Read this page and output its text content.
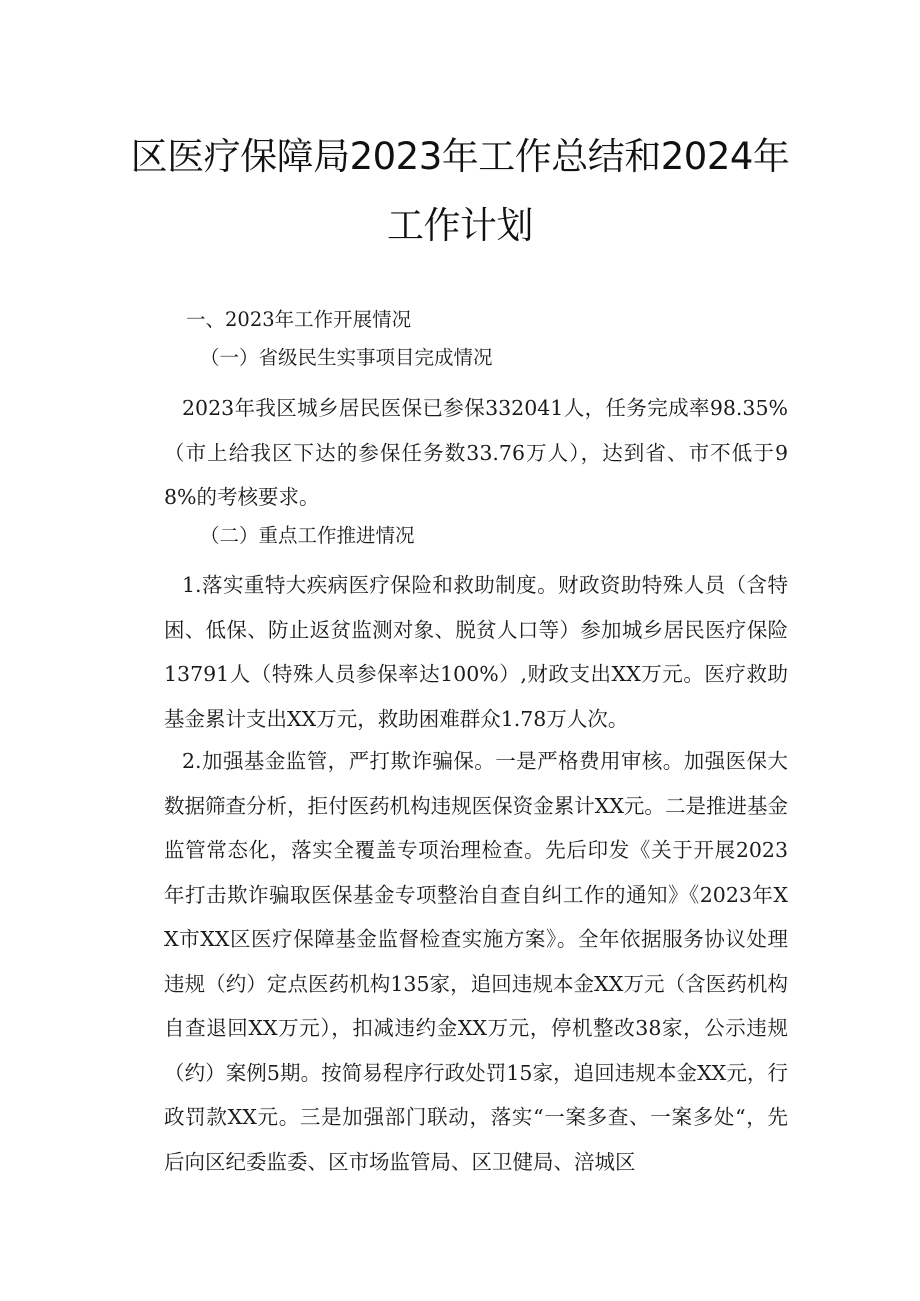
区医疗保障局2023年工作总结和2024年
工作计划
一、2023年工作开展情况
（一）省级民生实事项目完成情况
2023年我区城乡居民医保已参保332041人，任务完成率98.35%（市上给我区下达的参保任务数33.76万人），达到省、市不低于98%的考核要求。
（二）重点工作推进情况
1.落实重特大疾病医疗保险和救助制度。财政资助特殊人员（含特困、低保、防止返贫监测对象、脱贫人口等）参加城乡居民医疗保险13791人（特殊人员参保率达100%）,财政支出XX万元。医疗救助基金累计支出XX万元，救助困难群众1.78万人次。
2.加强基金监管，严打欺诈骗保。一是严格费用审核。加强医保大数据筛查分析，拒付医药机构违规医保资金累计XX元。二是推进基金监管常态化，落实全覆盖专项治理检查。先后印发《关于开展2023年打击欺诈骗取医保基金专项整治自查自纠工作的通知》《2023年XX市XX区医疗保障基金监督检查实施方案》。全年依据服务协议处理违规（约）定点医药机构135家，追回违规本金XX万元（含医药机构自查退回XX万元），扣减违约金XX万元，停机整改38家，公示违规（约）案例5期。按简易程序行政处罚15家，追回违规本金XX元，行政罚款XX元。三是加强部门联动，落实“一案多查、一案多处“，先后向区纪委监委、区市场监管局、区卫健局、涪城区
